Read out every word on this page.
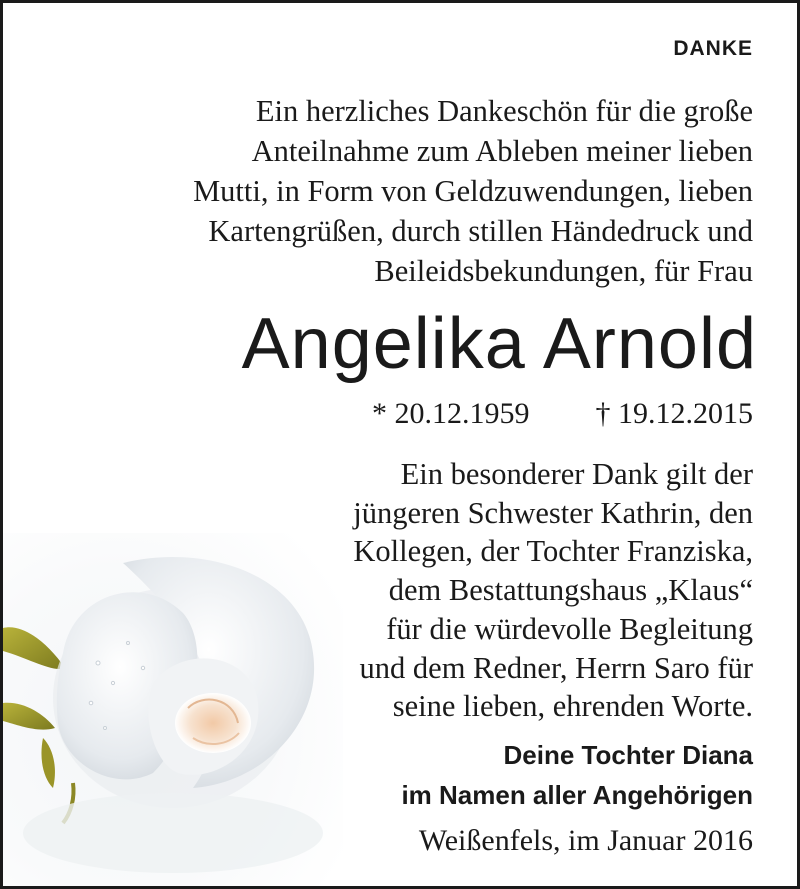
DANKE
Ein herzliches Dankeschön für die große
Anteilnahme zum Ableben meiner lieben
Mutti, in Form von Geldzuwendungen, lieben
Kartengrüßen, durch stillen Händedruck und
Beileidsbekundungen, für Frau
Angelika Arnold
* 20.12.1959 † 19.12.2015
Ein besonderer Dank gilt der
jüngeren Schwester Kathrin, den
Kollegen, der Tochter Franziska,
dem Bestattungshaus „Klaus“
für die würdevolle Begleitung
und dem Redner, Herrn Saro für
seine lieben, ehrenden Worte.
Deine Tochter Diana
im Namen aller Angehörigen
Weißenfels, im Januar 2016
